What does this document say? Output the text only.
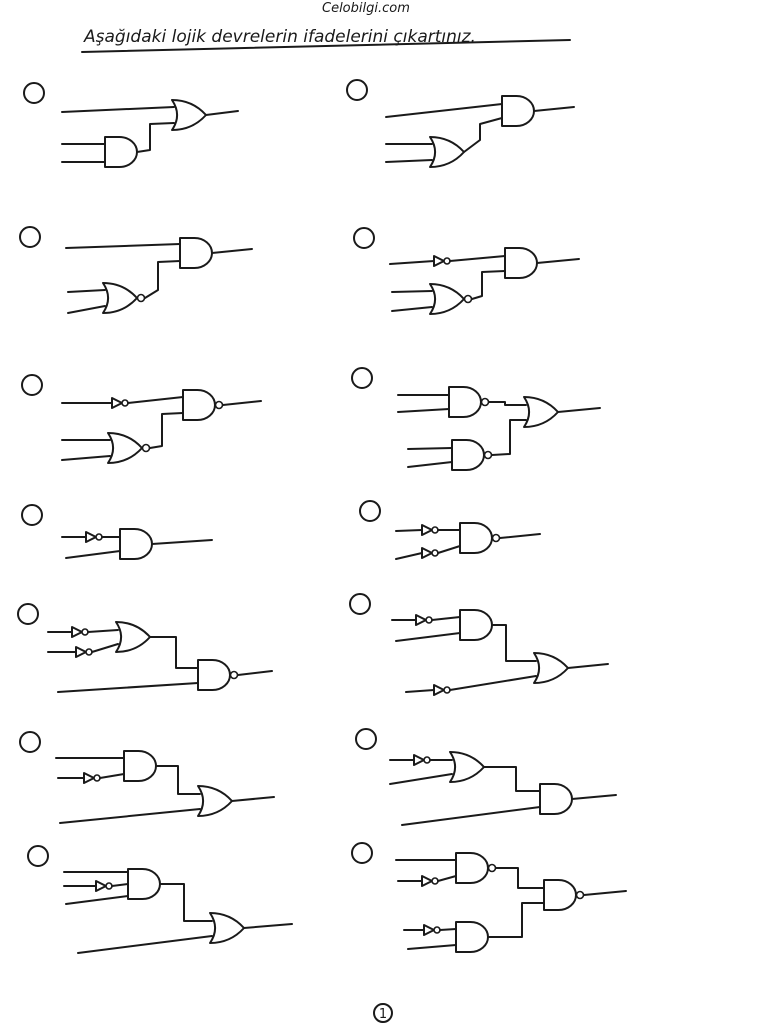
Celobilgi.com
Aşağıdaki lojik devrelerin ifadelerini çıkartınız.
1
